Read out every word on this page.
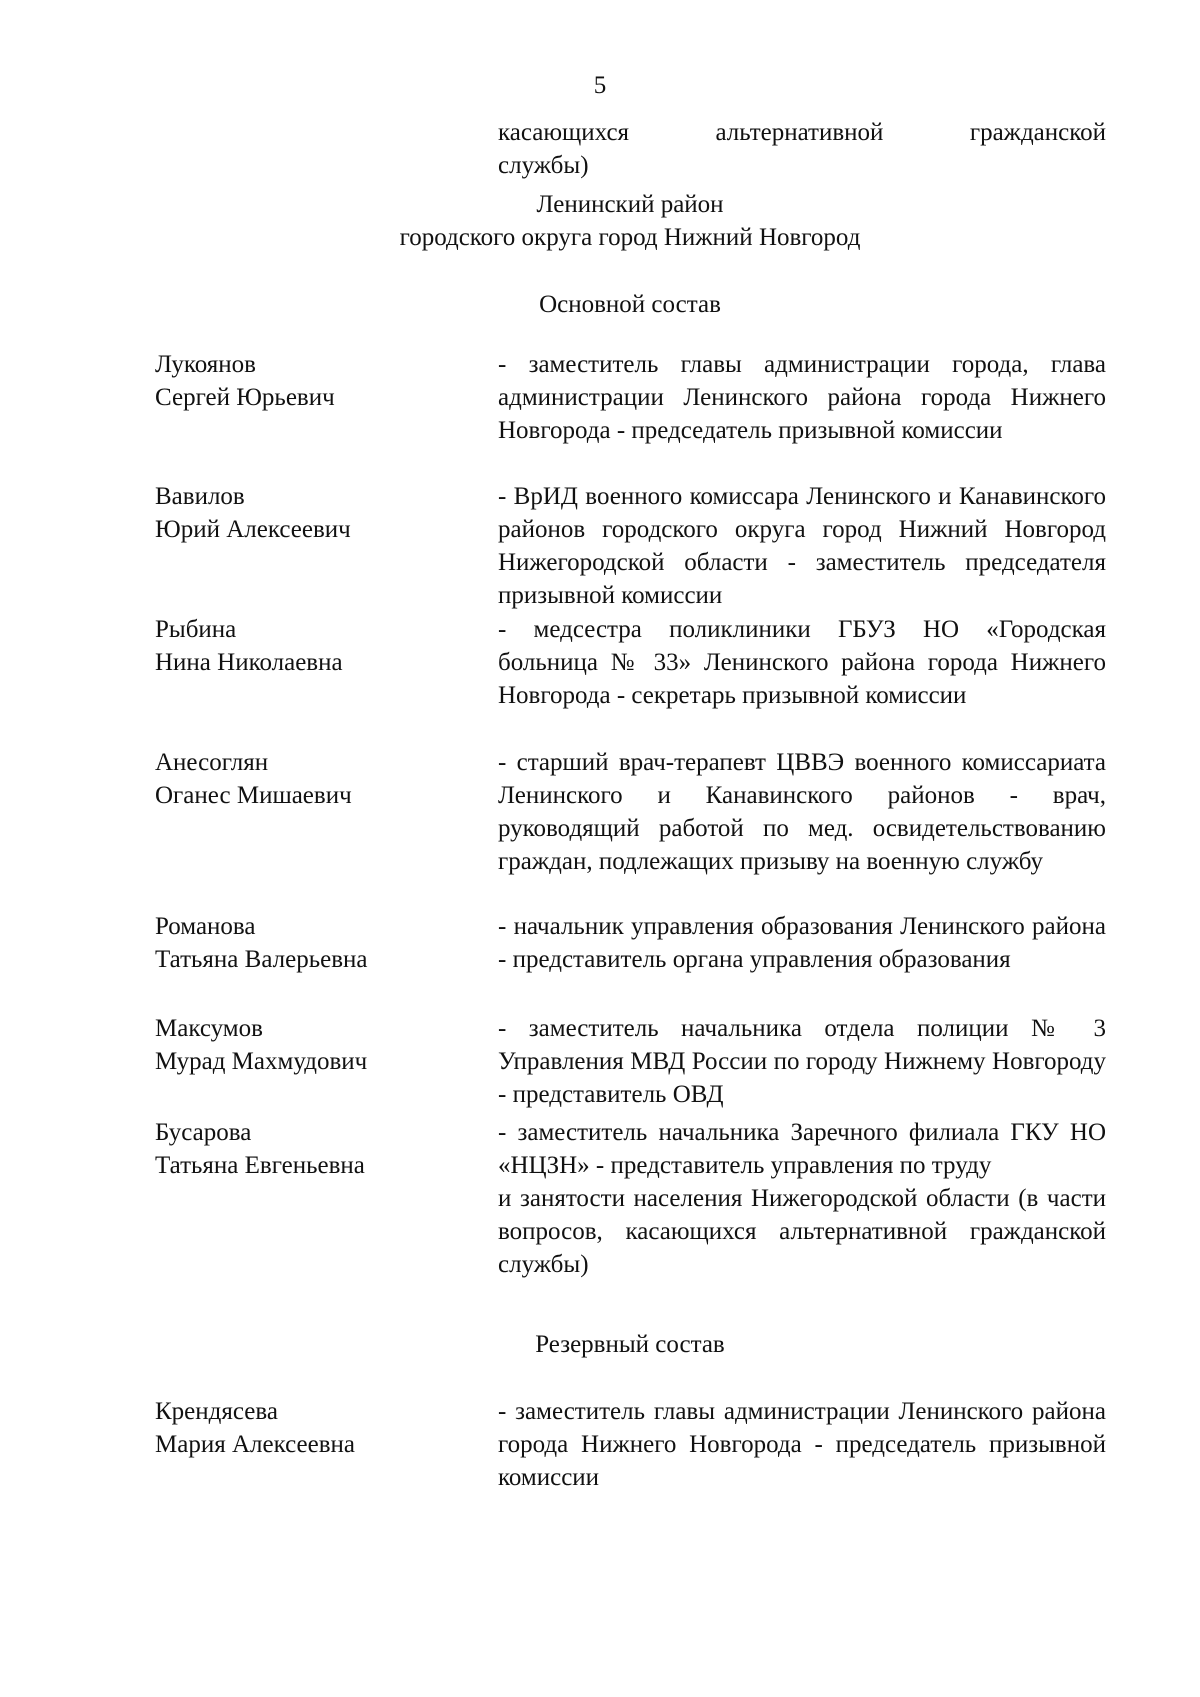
5
касающихся альтернативной гражданской
службы)
Ленинский район
городского округа город Нижний Новгород
Основной состав
Лукоянов
Сергей Юрьевич

- заместитель главы администрации города, глава администрации Ленинского района города Нижнего Новгорода - председатель призывной комиссии

Вавилов
Юрий Алексеевич

- ВрИД военного комиссара Ленинского и Канавинского районов городского округа город Нижний Новгород Нижегородской области - заместитель председателя призывной комиссии

Рыбина
Нина Николаевна

- медсестра поликлиники ГБУЗ НО «Городская больница № 33» Ленинского района города Нижнего Новгорода - секретарь призывной комиссии

Анесоглян
Оганес Мишаевич

- старший врач-терапевт ЦВВЭ военного комиссариата Ленинского и Канавинского районов - врач, руководящий работой по мед. освидетельствованию граждан, подлежащих призыву на военную службу

Романова
Татьяна Валерьевна

- начальник управления образования Ленинского района - представитель органа управления образования

Максумов
Мурад Махмудович

- заместитель начальника отдела полиции № 3 Управления МВД России по городу Нижнему Новгороду - представитель ОВД

Бусарова
Татьяна Евгеньевна

- заместитель начальника Заречного филиала ГКУ НО «НЦЗН» - представитель управления по труду

и занятости населения Нижегородской области (в части вопросов, касающихся альтернативной гражданской службы)

Резервный состав
Крендясева
Мария Алексеевна

- заместитель главы администрации Ленинского района города Нижнего Новгорода - председатель призывной комиссии
